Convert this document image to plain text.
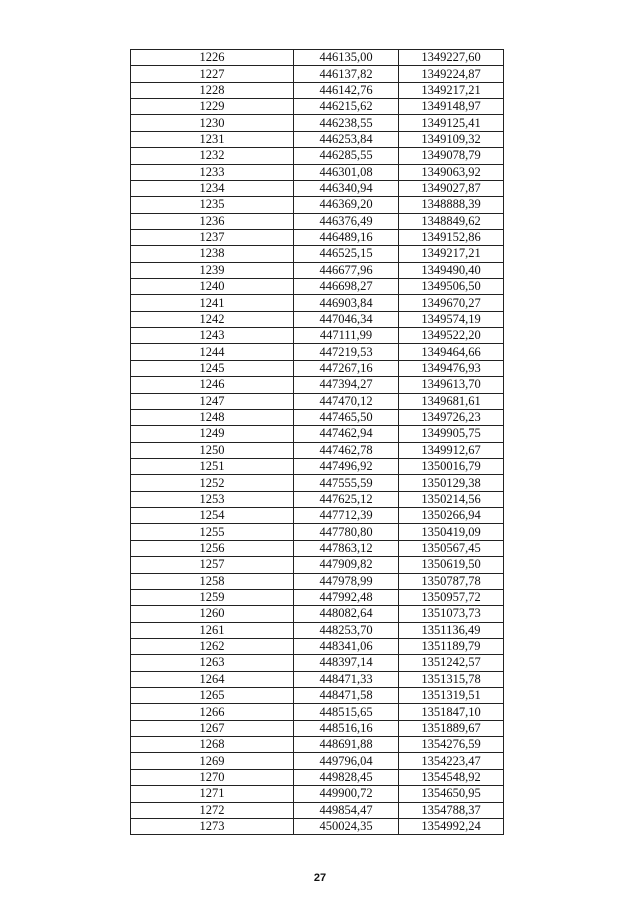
1226	446135,00	1349227,60
1227	446137,82	1349224,87
1228	446142,76	1349217,21
1229	446215,62	1349148,97
1230	446238,55	1349125,41
1231	446253,84	1349109,32
1232	446285,55	1349078,79
1233	446301,08	1349063,92
1234	446340,94	1349027,87
1235	446369,20	1348888,39
1236	446376,49	1348849,62
1237	446489,16	1349152,86
1238	446525,15	1349217,21
1239	446677,96	1349490,40
1240	446698,27	1349506,50
1241	446903,84	1349670,27
1242	447046,34	1349574,19
1243	447111,99	1349522,20
1244	447219,53	1349464,66
1245	447267,16	1349476,93
1246	447394,27	1349613,70
1247	447470,12	1349681,61
1248	447465,50	1349726,23
1249	447462,94	1349905,75
1250	447462,78	1349912,67
1251	447496,92	1350016,79
1252	447555,59	1350129,38
1253	447625,12	1350214,56
1254	447712,39	1350266,94
1255	447780,80	1350419,09
1256	447863,12	1350567,45
1257	447909,82	1350619,50
1258	447978,99	1350787,78
1259	447992,48	1350957,72
1260	448082,64	1351073,73
1261	448253,70	1351136,49
1262	448341,06	1351189,79
1263	448397,14	1351242,57
1264	448471,33	1351315,78
1265	448471,58	1351319,51
1266	448515,65	1351847,10
1267	448516,16	1351889,67
1268	448691,88	1354276,59
1269	449796,04	1354223,47
1270	449828,45	1354548,92
1271	449900,72	1354650,95
1272	449854,47	1354788,37
1273	450024,35	1354992,24
27
